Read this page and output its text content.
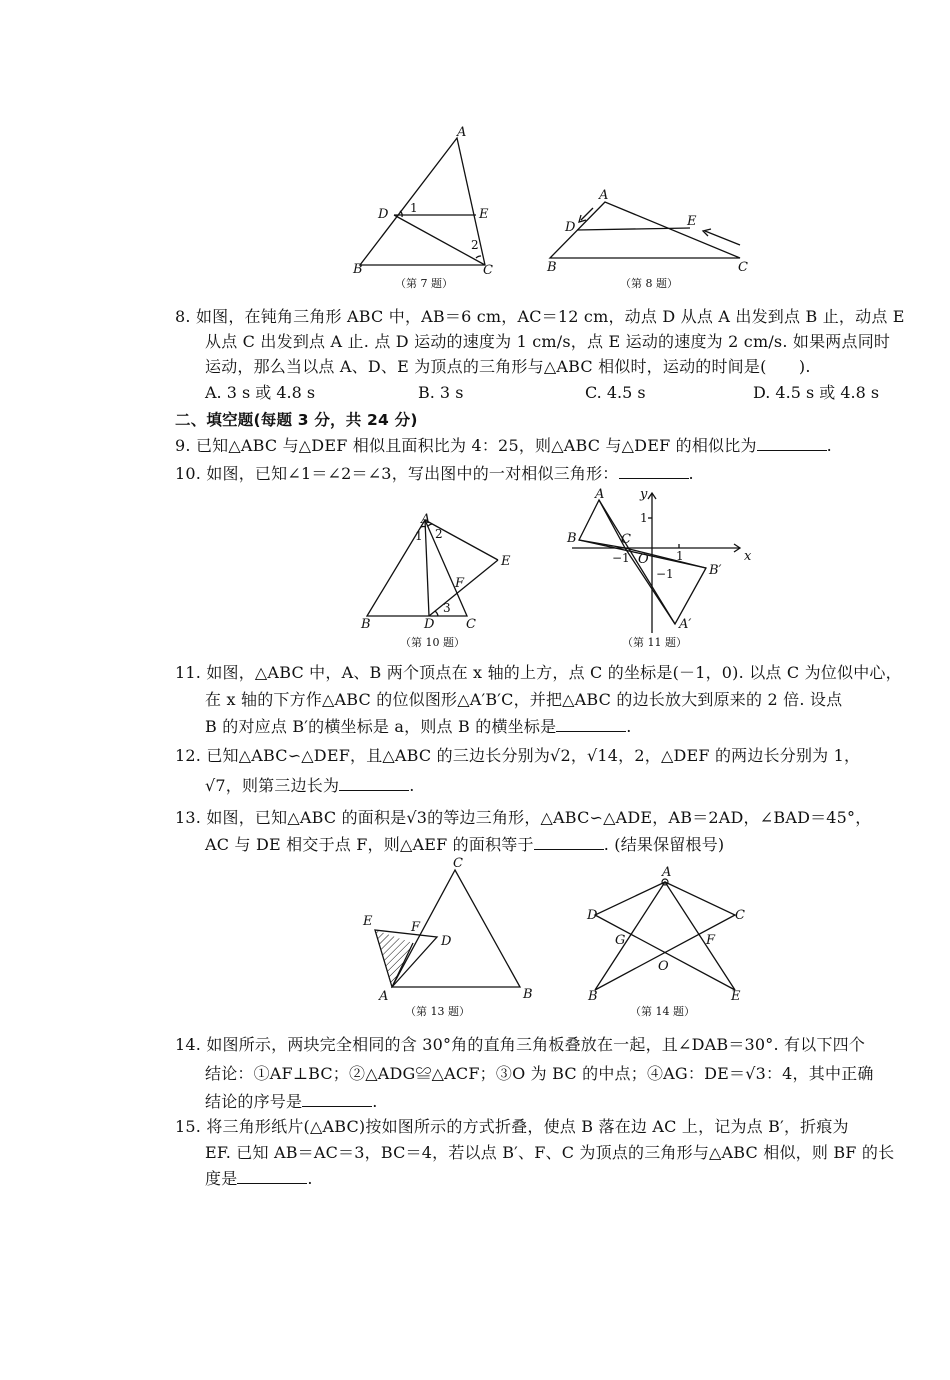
A
D	E
B	C
1
2
（第 7 题）
A
D	E
B	C
（第 8 题）
8. 如图，在钝角三角形 ABC 中，AB＝6 cm，AC＝12 cm，动点 D 从点 A 出发到点 B 止，动点 E
从点 C 出发到点 A 止. 点 D 运动的速度为 1 cm/s，点 E 运动的速度为 2 cm/s. 如果两点同时
运动，那么当以点 A、D、E 为顶点的三角形与△ABC 相似时，运动的时间是(　　).
A. 3 s 或 4.8 s	B. 3 s	C. 4.5 s	D. 4.5 s 或 4.8 s
二、填空题(每题 3 分，共 24 分)
9. 已知△ABC 与△DEF 相似且面积比为 4：25，则△ABC 与△DEF 的相似比为	.
10. 如图，已知∠1＝∠2＝∠3，写出图中的一对相似三角形：	.
A
E
F
B	D C
1 2
3
（第 10 题）
A
B	C
O	x
y
1
1
−1
−1	B′
A′
（第 11 题）
11. 如图，△ABC 中，A、B 两个顶点在 x 轴的上方，点 C 的坐标是(－1，0). 以点 C 为位似中心，
在 x 轴的下方作△ABC 的位似图形△A′B′C，并把△ABC 的边长放大到原来的 2 倍. 设点
B 的对应点 B′的横坐标是 a，则点 B 的横坐标是	.
12. 已知△ABC∽△DEF，且△ABC 的三边长分别为√2，√14，2，△DEF 的两边长分别为 1，
√7，则第三边长为	.
13. 如图，已知△ABC 的面积是√3的等边三角形，△ABC∽△ADE，AB＝2AD，∠BAD＝45°，
AC 与 DE 相交于点 F，则△AEF 的面积等于	. (结果保留根号)
C
E	F
D
A	B
（第 13 题）
A
D	C
G	F
O
B	E
（第 14 题）
14. 如图所示，两块完全相同的含 30°角的直角三角板叠放在一起，且∠DAB＝30°. 有以下四个
结论：①AF⊥BC；②△ADG≌△ACF；③O 为 BC 的中点；④AG：DE＝√3：4，其中正确
结论的序号是	.
15. 将三角形纸片(△ABC)按如图所示的方式折叠，使点 B 落在边 AC 上，记为点 B′，折痕为
EF. 已知 AB＝AC＝3，BC＝4，若以点 B′、F、C 为顶点的三角形与△ABC 相似，则 BF 的长
度是	.
